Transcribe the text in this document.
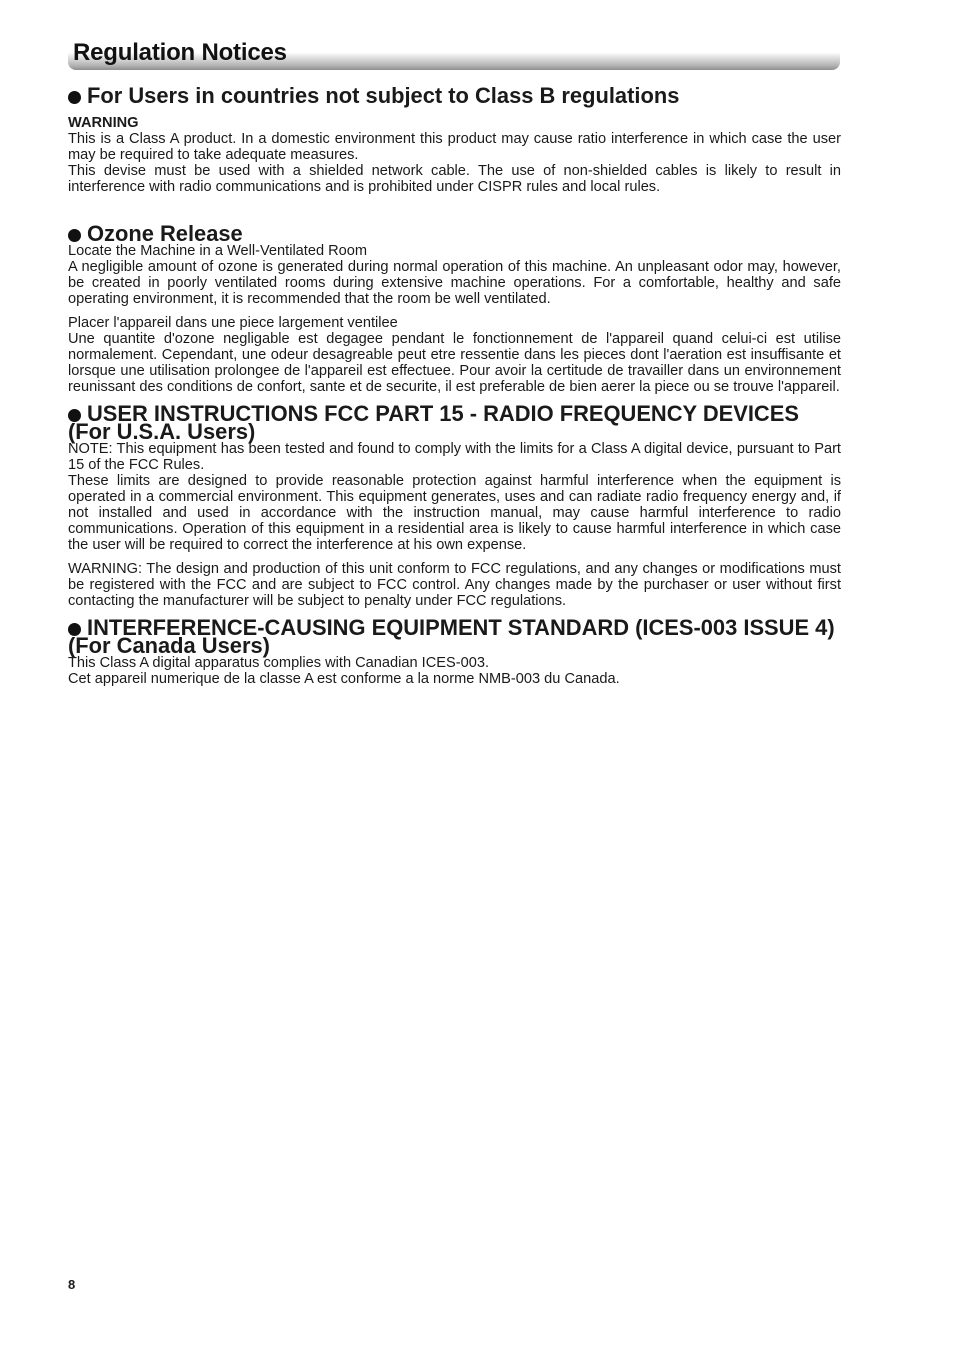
Regulation Notices
For Users in countries not subject to Class B regulations
WARNING

This is a Class A product. In a domestic environment this product may cause ratio interference in which case the user may be required to take adequate measures.

This devise must be used with a shielded network cable. The use of non-shielded cables is likely to result in interference with radio communications and is prohibited under CISPR rules and local rules.

Ozone Release

Locate the Machine in a Well-Ventilated Room

A negligible amount of ozone is generated during normal operation of this machine. An unpleasant odor may, however, be created in poorly ventilated rooms during extensive machine operations. For a comfortable, healthy and safe operating environment, it is recommended that the room be well ventilated.

Placer l'appareil dans une piece largement ventilee

Une quantite d'ozone negligable est degagee pendant le fonctionnement de l'appareil quand celui-ci est utilise normalement. Cependant, une odeur desagreable peut etre ressentie dans les pieces dont l'aeration est insuffisante et lorsque une utilisation prolongee de l'appareil est effectuee. Pour avoir la certitude de travailler dans un environnement reunissant des conditions de confort, sante et de securite, il est preferable de bien aerer la piece ou se trouve l'appareil.

USER INSTRUCTIONS FCC PART 15 - RADIO FREQUENCY DEVICES (For U.S.A. Users)

NOTE: This equipment has been tested and found to comply with the limits for a Class A digital device, pursuant to Part 15 of the FCC Rules.

These limits are designed to provide reasonable protection against harmful interference when the equipment is operated in a commercial environment. This equipment generates, uses and can radiate radio frequency energy and, if not installed and used in accordance with the instruction manual, may cause harmful interference to radio communications. Operation of this equipment in a residential area is likely to cause harmful interference in which case the user will be required to correct the interference at his own expense.

WARNING: The design and production of this unit conform to FCC regulations, and any changes or modifications must be registered with the FCC and are subject to FCC control. Any changes made by the purchaser or user without first contacting the manufacturer will be subject to penalty under FCC regulations.

INTERFERENCE-CAUSING EQUIPMENT STANDARD (ICES-003 ISSUE 4) (For Canada Users)

This Class A digital apparatus complies with Canadian ICES-003.

Cet appareil numerique de la classe A est conforme a la norme NMB-003 du Canada.

8
